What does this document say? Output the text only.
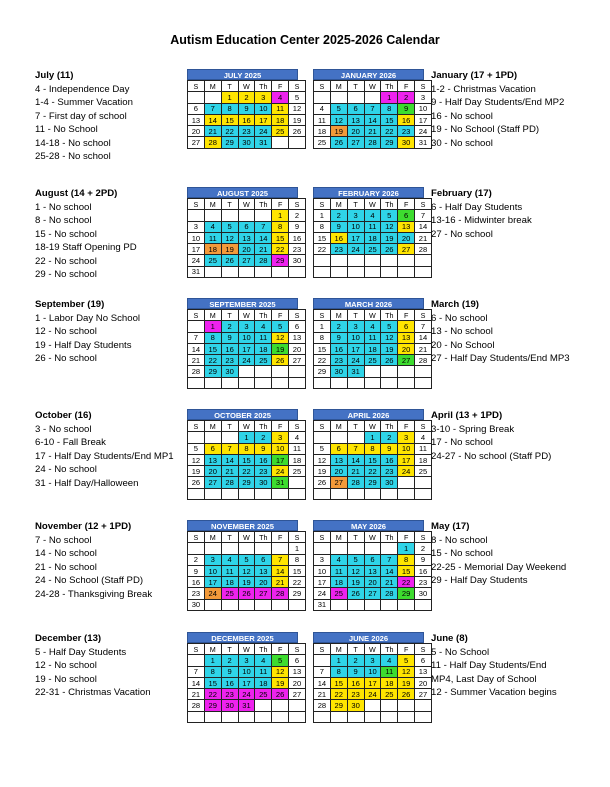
Autism Education Center 2025-2026 Calendar
July (11)
4 - Independence Day
1-4 - Summer Vacation
7 - First day of school
11 - No School
14-18 - No school
25-28 - No school
JULY 2025
S	M	T	W	Th	F	S
		1	2	3	4	5
6	7	8	9	10	11	12
13	14	15	16	17	18	19
20	21	22	23	24	25	26
27	28	29	30	31		
JANUARY 2026
S	M	T	W	Th	F	S
				1	2	3
4	5	6	7	8	9	10
11	12	13	14	15	16	17
18	19	20	21	22	23	24
25	26	27	28	29	30	31
January (17 + 1PD)
1-2 - Christmas Vacation
9 - Half Day Students/End MP2
16 - No school
19 - No School (Staff PD)
30 - No school
August (14 + 2PD)
1 - No school
8 - No school
15 - No school
18-19 Staff Opening PD
22 - No school
29 - No school
AUGUST 2025
S	M	T	W	Th	F	S
					1	2
3	4	5	6	7	8	9
10	11	12	13	14	15	16
17	18	19	20	21	22	23
24	25	26	27	28	29	30
31						
FEBRUARY 2026
S	M	T	W	Th	F	S
1	2	3	4	5	6	7
8	9	10	11	12	13	14
15	16	17	18	19	20	21
22	23	24	25	26	27	28

February (17)
6 - Half Day Students
13-16 - Midwinter break
27 - No school
September (19)
1 - Labor Day No School
12 - No school
19 - Half Day Students
26 - No school
SEPTEMBER 2025
S	M	T	W	Th	F	S
	1	2	3	4	5	6
7	8	9	10	11	12	13
14	15	16	17	18	19	20
21	22	23	24	25	26	27
28	29	30				

MARCH 2026
S	M	T	W	Th	F	S
1	2	3	4	5	6	7
8	9	10	11	12	13	14
15	16	17	18	19	20	21
22	23	24	25	26	27	28
29	30	31				

March (19)
6 - No school
13 - No school
20 - No School
27 - Half Day Students/End MP3
October (16)
3 - No school
6-10 - Fall Break
17 - Half Day Students/End MP1
24 - No school
31 - Half Day/Halloween
OCTOBER 2025
S	M	T	W	Th	F	S
			1	2	3	4
5	6	7	8	9	10	11
12	13	14	15	16	17	18
19	20	21	22	23	24	25
26	27	28	29	30	31	

APRIL 2026
S	M	T	W	Th	F	S
			1	2	3	4
5	6	7	8	9	10	11
12	13	14	15	16	17	18
19	20	21	22	23	24	25
26	27	28	29	30		

April (13 + 1PD)
3-10 - Spring Break
17 - No school
24-27 - No school (Staff PD)
November (12 + 1PD)
7 - No school
14 - No school
21 - No school
24 - No School (Staff PD)
24-28 - Thanksgiving Break
NOVEMBER 2025
S	M	T	W	Th	F	S
						1
2	3	4	5	6	7	8
9	10	11	12	13	14	15
16	17	18	19	20	21	22
23	24	25	26	27	28	29
30						
MAY 2026
S	M	T	W	Th	F	S
					1	2
3	4	5	6	7	8	9
10	11	12	13	14	15	16
17	18	19	20	21	22	23
24	25	26	27	28	29	30
31						
May (17)
8 - No school
15 - No school
22-25 - Memorial Day Weekend
29 - Half Day Students
December (13)
5 - Half Day Students
12 - No school
19 - No school
22-31 - Christmas Vacation
DECEMBER 2025
S	M	T	W	Th	F	S
	1	2	3	4	5	6
7	8	9	10	11	12	13
14	15	16	17	18	19	20
21	22	23	24	25	26	27
28	29	30	31			

JUNE 2026
S	M	T	W	Th	F	S
	1	2	3	4	5	6
7	8	9	10	11	12	13
14	15	16	17	18	19	20
21	22	23	24	25	26	27
28	29	30				

June (8)
5 - No School
11 - Half Day Students/End
MP4, Last Day of School
12 - Summer Vacation begins
